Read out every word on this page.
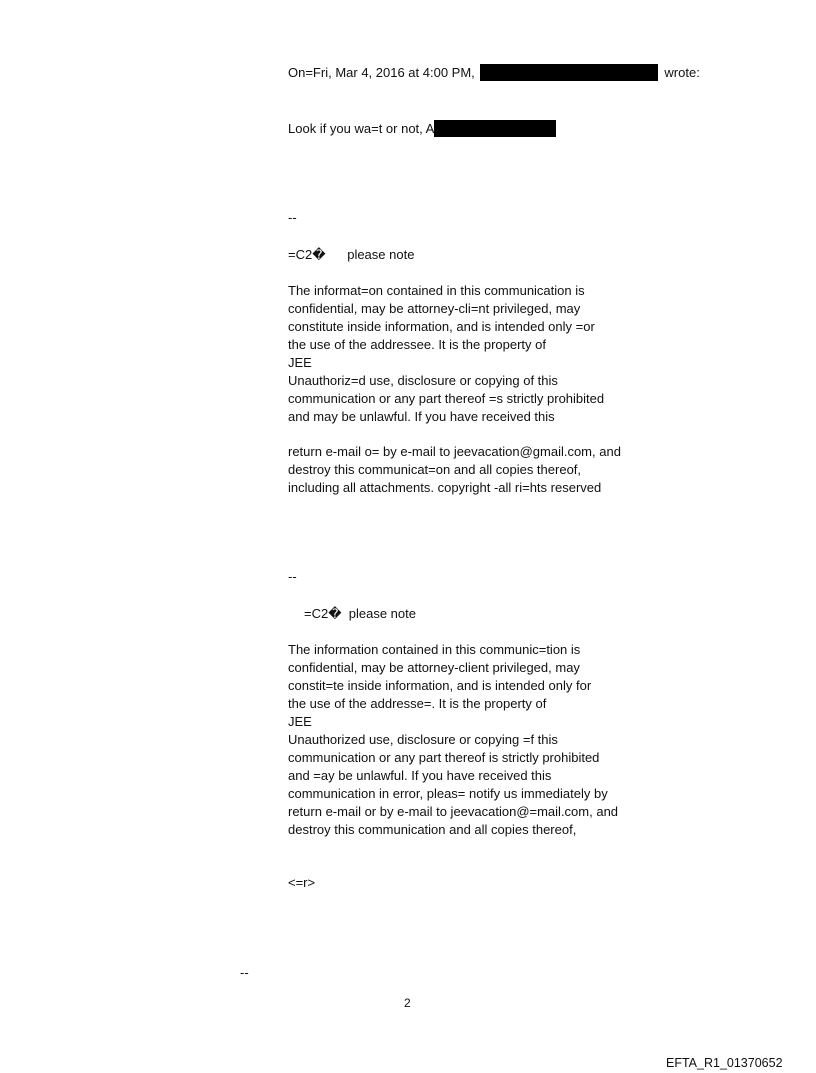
On=Fri, Mar 4, 2016 at 4:00 PM,	wrote:
Look if you wa=t or not, A
--
=C2�      please note
The informat=on contained in this communication is
confidential, may be attorney-cli=nt privileged, may
constitute inside information, and is intended only =or
the use of the addressee. It is the property of
JEE
Unauthoriz=d use, disclosure or copying of this
communication or any part thereof =s strictly prohibited
and may be unlawful. If you have received this
return e-mail o= by e-mail to jeevacation@gmail.com, and
destroy this communicat=on and all copies thereof,
including all attachments. copyright -all ri=hts reserved
--
=C2�  please note
The information contained in this communic=tion is
confidential, may be attorney-client privileged, may
constit=te inside information, and is intended only for
the use of the addresse=. It is the property of
JEE
Unauthorized use, disclosure or copying =f this
communication or any part thereof is strictly prohibited
and =ay be unlawful. If you have received this
communication in error, pleas= notify us immediately by
return e-mail or by e-mail to jeevacation@=mail.com, and
destroy this communication and all copies thereof,
<=r>
--
2
EFTA_R1_01370652
